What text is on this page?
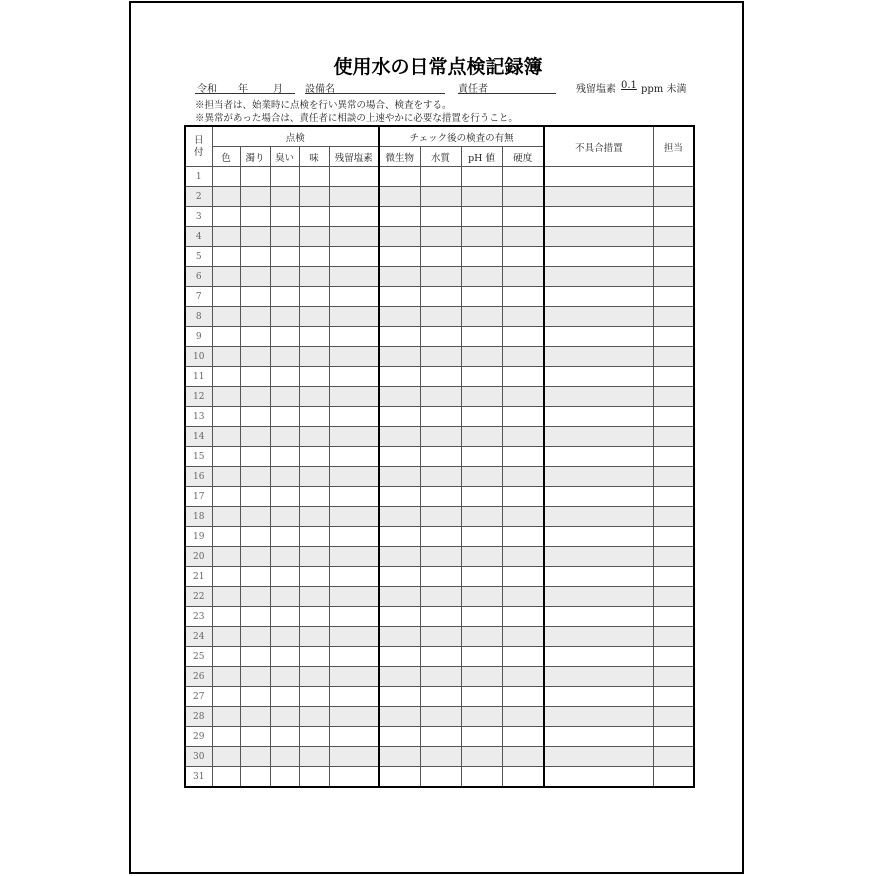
使用水の日常点検記録簿
令和 年	月 設備名	責任者	残留塩素 0.1 ppm 未満
※担当者は、始業時に点検を行い異常の場合、検査をする。
※異常があった場合は、責任者に相談の上速やかに必要な措置を行うこと。
日付	点検					チェック後の検査の有無				不具合措置	担当
	色	濁り	臭い	味	残留塩素	微生物	水質	pH 値	硬度		
1											
2											
3											
4											
5											
6											
7											
8											
9											
10											
11											
12											
13											
14											
15											
16											
17											
18											
19											
20											
21											
22											
23											
24											
25											
26											
27											
28											
29											
30											
31											
